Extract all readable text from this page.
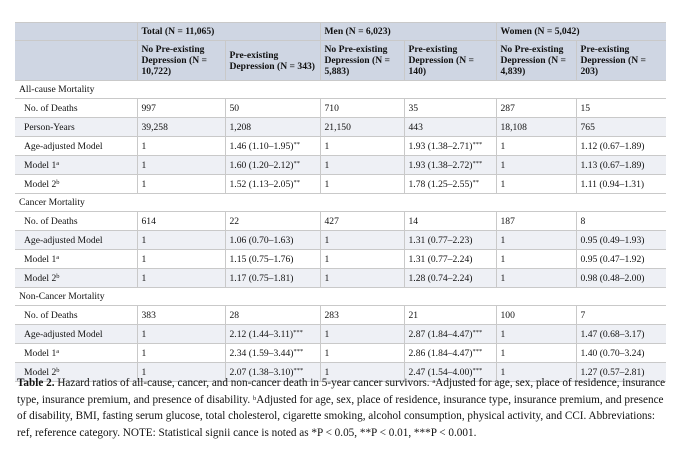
	Total (N = 11,065)		Men (N = 6,023)		Women (N = 5,042)	
	No Pre-existing Depression (N = 10,722)	Pre-existing Depression (N = 343)	No Pre-existing Depression (N = 5,883)	Pre-existing Depression (N = 140)	No Pre-existing Depression (N = 4,839)	Pre-existing Depression (N = 203)
All-cause Mortality						
No. of Deaths	997	50	710	35	287	15
Person-Years	39,258	1,208	21,150	443	18,108	765
Age-adjusted Model	1	1.46 (1.10–1.95)**	1	1.93 (1.38–2.71)***	1	1.12 (0.67–1.89)
Model 1$^a$	1	1.60 (1.20–2.12)**	1	1.93 (1.38–2.72)***	1	1.13 (0.67–1.89)
Model 2$^b$	1	1.52 (1.13–2.05)**	1	1.78 (1.25–2.55)**	1	1.11 (0.94–1.31)
Cancer Mortality						
No. of Deaths	614	22	427	14	187	8
Age-adjusted Model	1	1.06 (0.70–1.63)	1	1.31 (0.77–2.23)	1	0.95 (0.49–1.93)
Model 1$^a$	1	1.15 (0.75–1.76)	1	1.31 (0.77–2.24)	1	0.95 (0.47–1.92)
Model 2$^b$	1	1.17 (0.75–1.81)	1	1.28 (0.74–2.24)	1	0.98 (0.48–2.00)
Non-Cancer Mortality						
No. of Deaths	383	28	283	21	100	7
Age-adjusted Model	1	2.12 (1.44–3.11)***	1	2.87 (1.84–4.47)***	1	1.47 (0.68–3.17)
Model 1$^a$	1	2.34 (1.59–3.44)***	1	2.86 (1.84–4.47)***	1	1.40 (0.70–3.24)
Model 2$^b$	1	2.07 (1.38–3.10)***	1	2.47 (1.54–4.00)***	1	1.27 (0.57–2.81)
Table 2. Hazard ratios of all-cause, cancer, and non-cancer death in 5-year cancer survivors. $^a$Adjusted for age, sex, place of residence, insurance type, insurance premium, and presence of disability. $^b$Adjusted for age, sex, place of residence, insurance type, insurance premium, and presence of disability, BMI, fasting serum glucose, total cholesterol, cigarette smoking, alcohol consumption, physical activity, and CCI. Abbreviations: ref, reference category. NOTE: Statistical signii cance is noted as *P < 0.05, **P < 0.01, ***P < 0.001.
